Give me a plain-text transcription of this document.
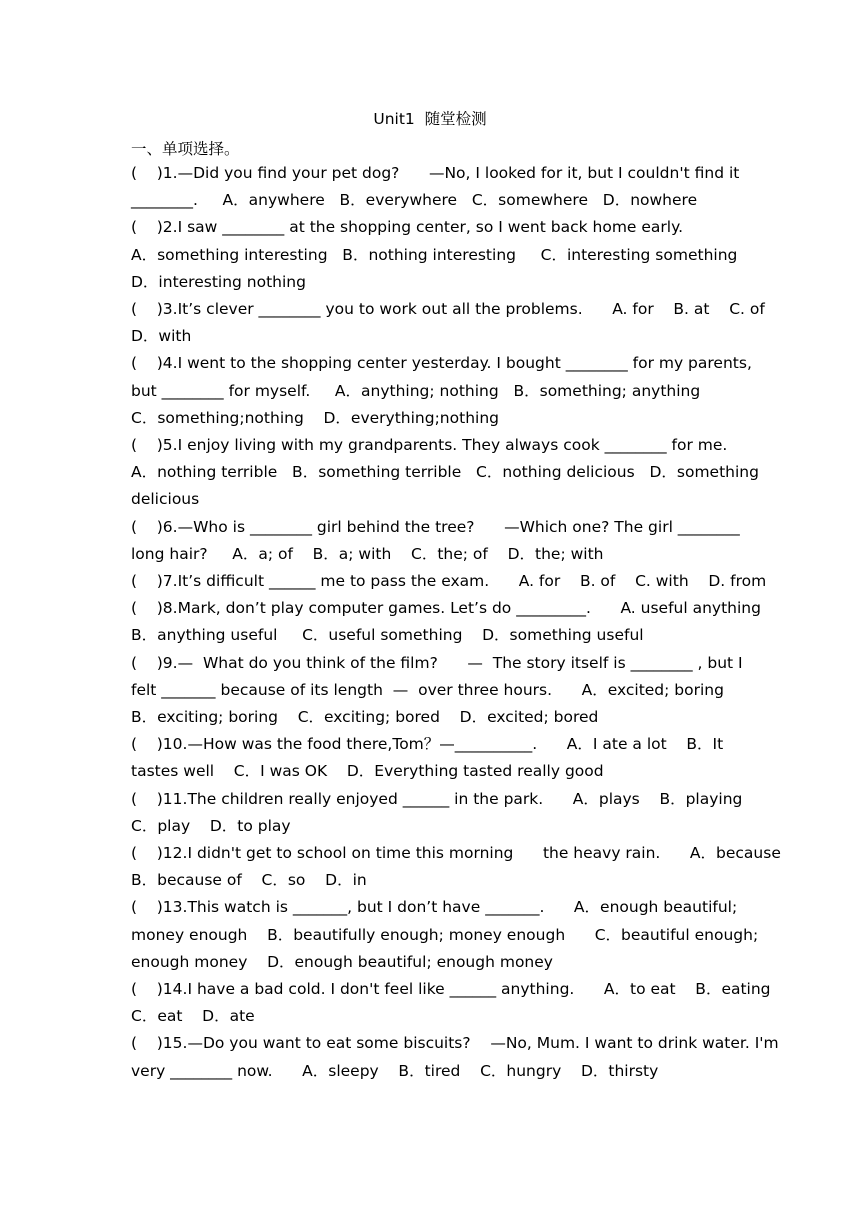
Unit1  随堂检测
一、单项选择。
(    )1.—Did you find your pet dog?      —No, I looked for it, but I couldn't find it
________.     A．anywhere   B．everywhere   C．somewhere   D．nowhere
(    )2.I saw ________ at the shopping center, so I went back home early.
A．something interesting   B．nothing interesting     C．interesting something
D．interesting nothing
(    )3.It’s clever ________ you to work out all the problems.      A. for    B. at    C. of
D．with
(    )4.I went to the shopping center yesterday. I bought ________ for my parents,
but ________ for myself.     A．anything; nothing   B．something; anything
C．something;nothing    D．everything;nothing
(    )5.I enjoy living with my grandparents. They always cook ________ for me.
A．nothing terrible   B．something terrible   C．nothing delicious   D．something
delicious
(    )6.—Who is ________ girl behind the tree?      —Which one? The girl ________
long hair?     A．a; of    B．a; with    C．the; of    D．the; with
(    )7.It’s difficult ______ me to pass the exam.      A. for    B. of    C. with    D. from
(    )8.Mark, don’t play computer games. Let’s do _________.      A. useful anything
B．anything useful     C．useful something    D．something useful
(    )9.—  What do you think of the film?      —  The story itself is ________ , but I
felt _______ because of its length  —  over three hours.      A．excited; boring
B．exciting; boring    C．exciting; bored    D．excited; bored
(    )10.—How was the food there,Tom？—__________.      A．I ate a lot    B．It
tastes well    C．I was OK    D．Everything tasted really good
(    )11.The children really enjoyed ______ in the park.      A．plays    B．playing
C．play    D．to play
(    )12.I didn't get to school on time this morning      the heavy rain.      A．because
B．because of    C．so    D．in
(    )13.This watch is _______, but I don’t have _______.      A．enough beautiful;
money enough    B．beautifully enough; money enough      C．beautiful enough;
enough money    D．enough beautiful; enough money
(    )14.I have a bad cold. I don't feel like ______ anything.      A．to eat    B．eating
C．eat    D．ate
(    )15.—Do you want to eat some biscuits?    —No, Mum. I want to drink water. I'm
very ________ now.      A．sleepy    B．tired    C．hungry    D．thirsty
